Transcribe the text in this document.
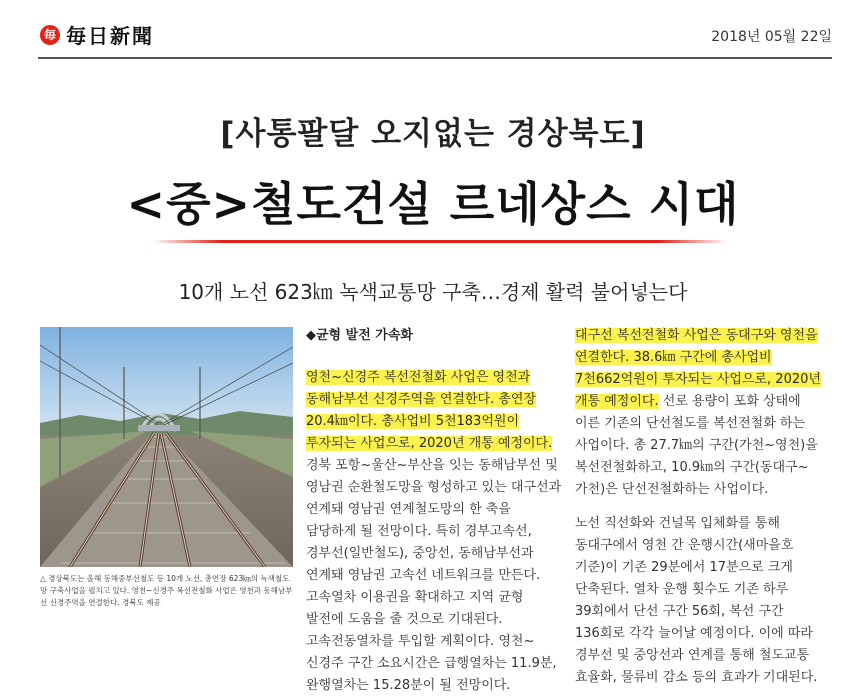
毎 毎日新聞	2018년 05월 22일
[사통팔달 오지없는 경상북도]
<중>철도건설 르네상스 시대
10개 노선 623㎞ 녹색교통망 구축…경제 활력 불어넣는다
△ 경상북도는 올해 동해중부선철도 등 10개 노선, 총연장 623㎞의 녹색철도망 구축사업을 펼치고 있다. 영천~신경주 복선전철화 사업은 영천과 동해남부선 신경주역을 연결한다. 경북도 제공

◆균형 발전 가속화

영천~신경주 복선전철화 사업은 영천과 동해남부선 신경주역을 연결한다. 총연장 20.4㎞이다. 총사업비 5천183억원이 투자되는 사업으로, 2020년 개통 예정이다.경북 포항~울산~부산을 잇는 동해남부선 및 영남권 순환철도망을 형성하고 있는 대구선과 연계돼 영남권 연계철도망의 한 축을 담당하게 될 전망이다. 특히 경부고속선, 경부선(일반철도), 중앙선, 동해남부선과 연계돼 영남권 고속선 네트워크를 만든다. 고속열차 이용권을 확대하고 지역 균형 발전에 도움을 줄 것으로 기대된다. 고속전동열차를 투입할 계획이다. 영천~신경주 구간 소요시간은 급행열차는 11.9분, 완행열차는 15.28분이 될 전망이다.

대구선 복선전철화 사업은 동대구와 영천을 연결한다. 38.6㎞ 구간에 총사업비 7천662억원이 투자되는 사업으로, 2020년 개통 예정이다. 선로 용량이 포화 상태에 이른 기존의 단선철도를 복선전철화 하는 사업이다. 총 27.7㎞의 구간(가천~영천)을 복선전철화하고, 10.9㎞의 구간(동대구~가천)은 단선전철화하는 사업이다.

노선 직선화와 건널목 입체화를 통해 동대구에서 영천 간 운행시간(새마을호 기준)이 기존 29분에서 17분으로 크게 단축된다. 열차 운행 횟수도 기존 하루 39회에서 단선 구간 56회, 복선 구간 136회로 각각 늘어날 예정이다. 이에 따라 경부선 및 중앙선과 연계를 통해 철도교통 효율화, 물류비 감소 등의 효과가 기대된다.
